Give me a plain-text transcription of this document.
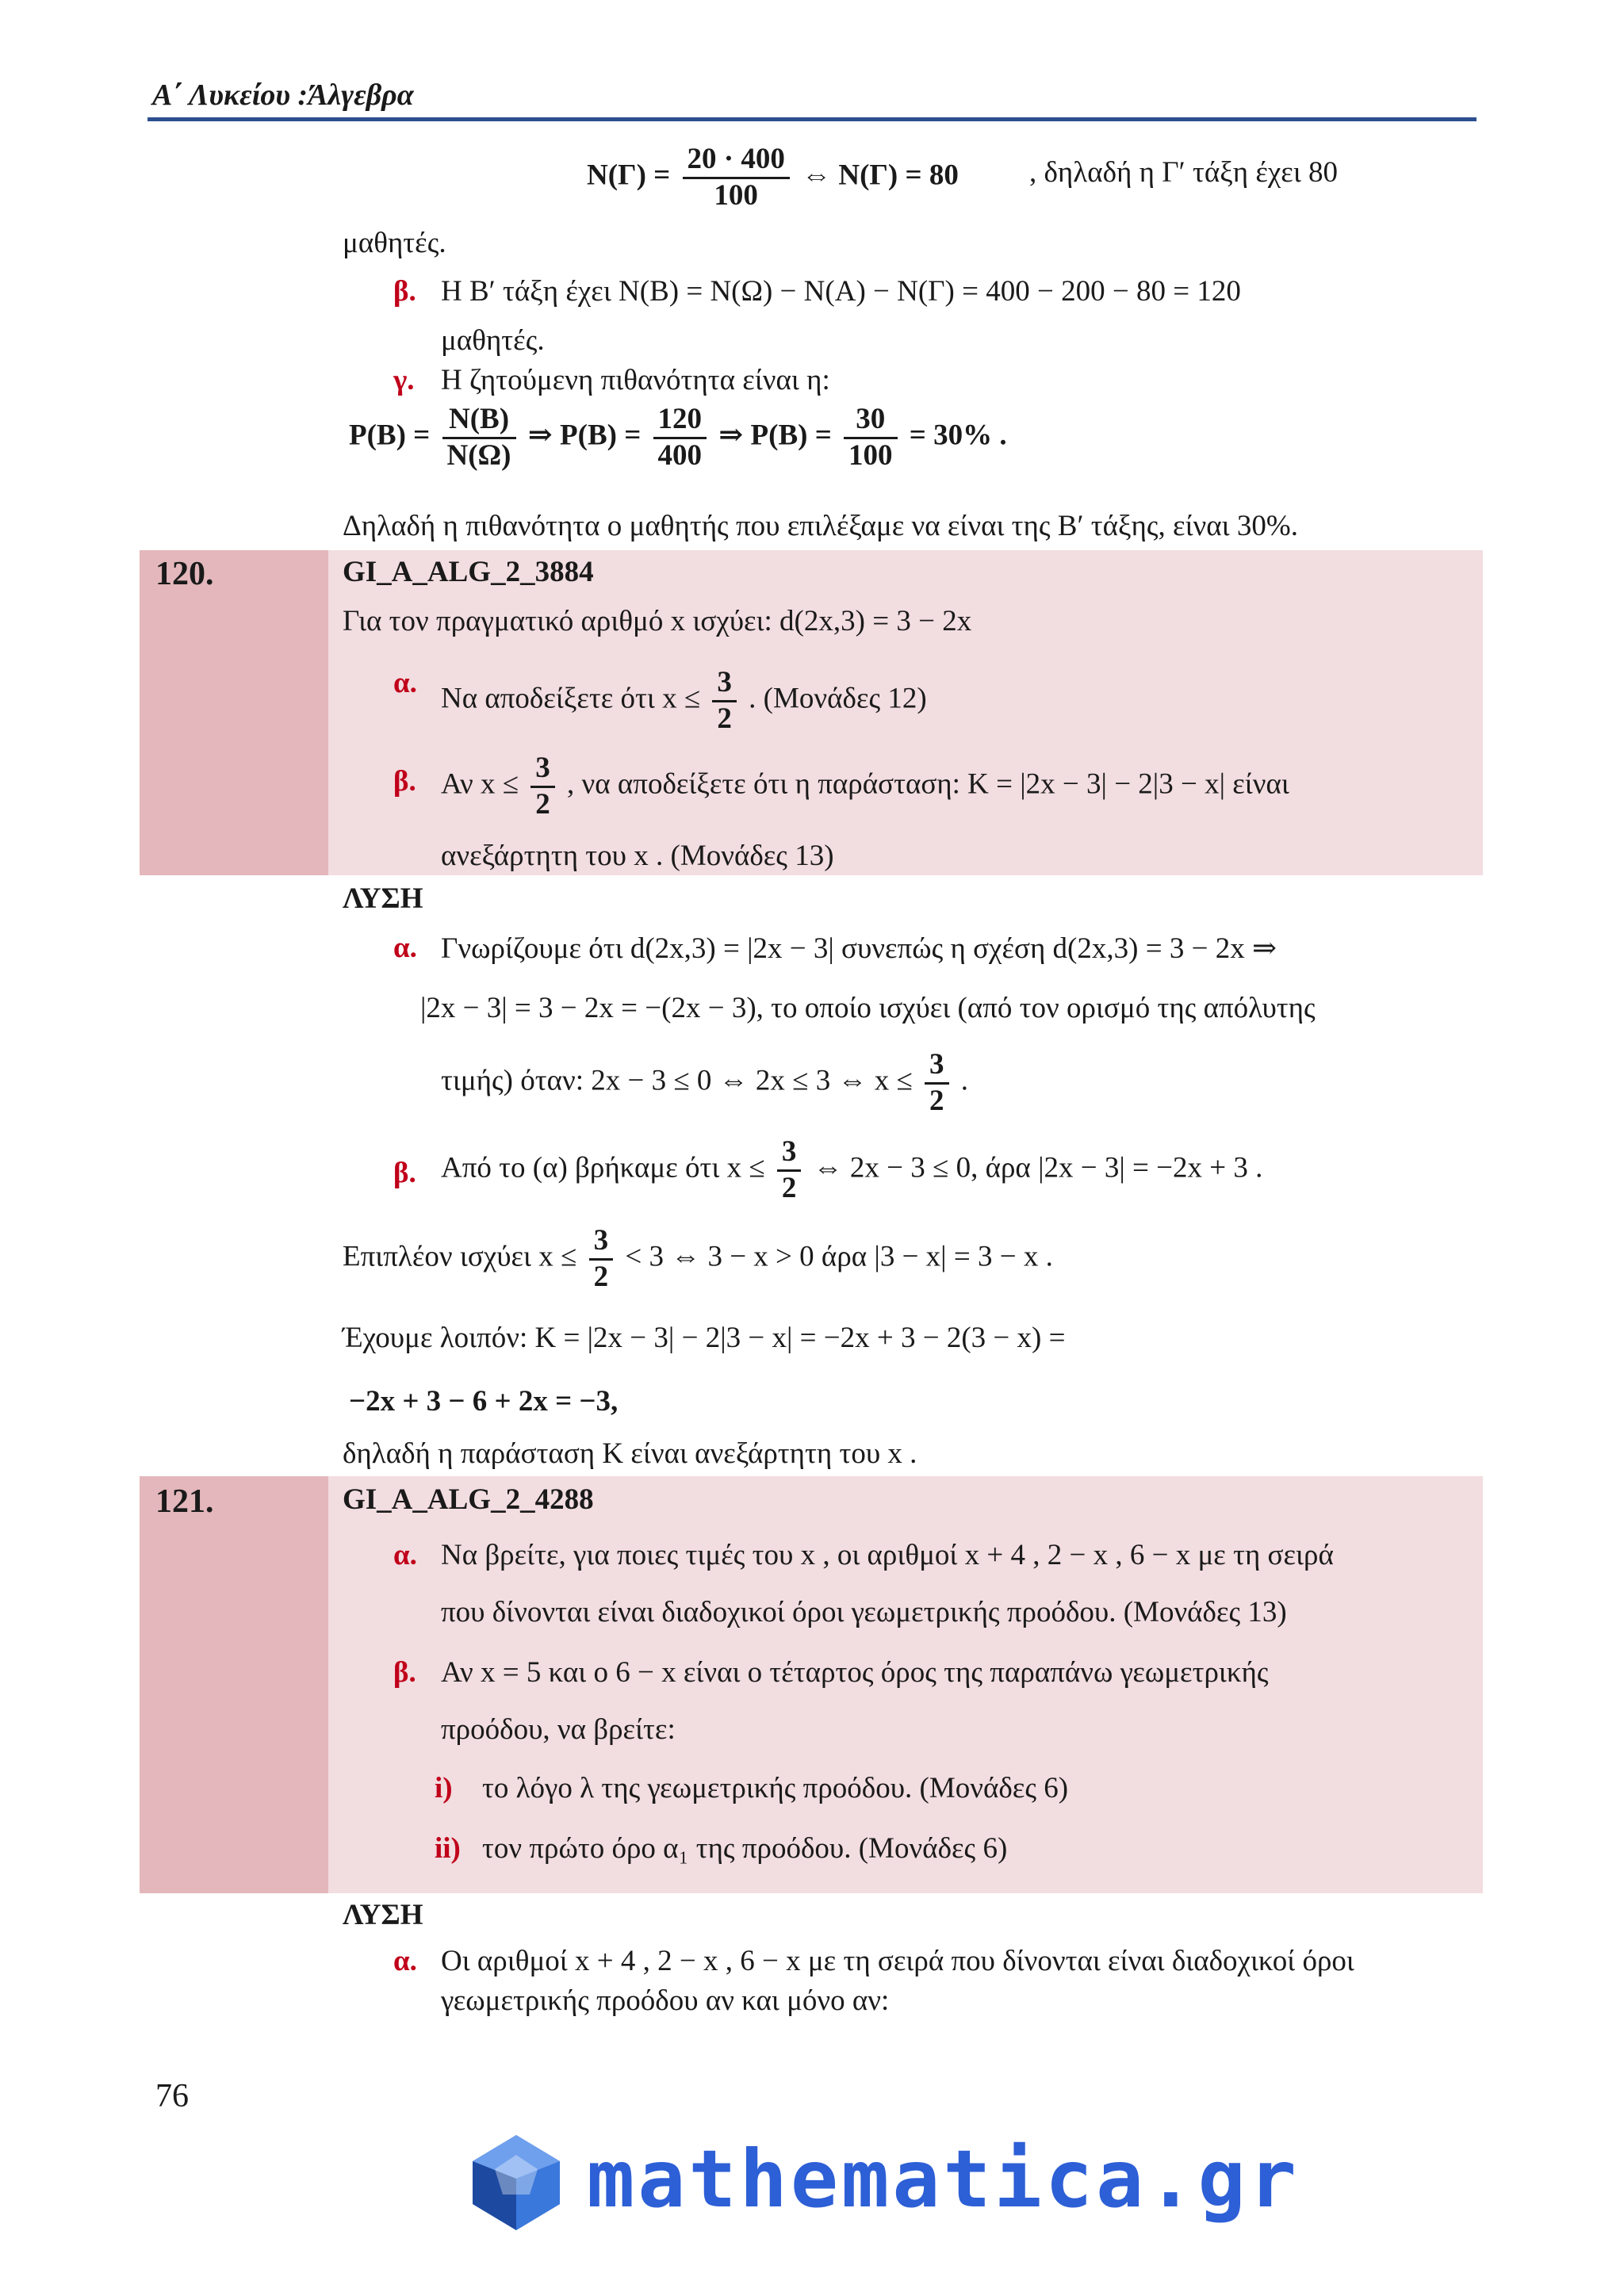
Α΄ Λυκείου :Άλγεβρα
$N(\Gamma) = \frac{20 \cdot 400}{100}$ ⇔ N(Γ) = 80 , δηλαδή η Γ′ τάξη έχει 80
μαθητές.
β. Η Β′ τάξη έχει N(B) = N(Ω) − N(A) − N(Γ) = 400 − 200 − 80 = 120
μαθητές.
γ. Η ζητούμενη πιθανότητα είναι η:
$P(B) = \frac{N(B)}{N(\Omega)}$ ⇒ $P(B) = \frac{120}{400}$ ⇒ $P(B) = \frac{30}{100} = 30\%$ .
Δηλαδή η πιθανότητα ο μαθητής που επιλέξαμε να είναι της Β′ τάξης, είναι 30%.
120.	GI_A_ALG_2_3884
Για τον πραγματικό αριθμό x ισχύει: d(2x,3) = 3 − 2x
α. Να αποδείξετε ότι $x \le \frac{3}{2}$ . (Μονάδες 12)
β. Αν $x \le \frac{3}{2}$ , να αποδείξετε ότι η παράσταση: K = |2x − 3| − 2|3 − x| είναι
ανεξάρτητη του x . (Μονάδες 13)
ΛΥΣΗ
α. Γνωρίζουμε ότι d(2x,3) = |2x − 3| συνεπώς η σχέση d(2x,3) = 3 − 2x ⇒
|2x − 3| = 3 − 2x = −(2x − 3), το οποίο ισχύει (από τον ορισμό της απόλυτης
τιμής) όταν: 2x − 3 ≤ 0 ⇔ 2x ≤ 3 ⇔ $x \le \frac{3}{2}$ .
β. Από το (α) βρήκαμε ότι $x \le \frac{3}{2}$ ⇔ 2x − 3 ≤ 0, άρα |2x − 3| = −2x + 3 .
Επιπλέον ισχύει $x \le \frac{3}{2} < 3$ ⇔ 3 − x > 0 άρα |3 − x| = 3 − x .
Έχουμε λοιπόν: K = |2x − 3| − 2|3 − x| = −2x + 3 − 2(3 − x) =
−2x + 3 − 6 + 2x = −3,
δηλαδή η παράσταση K είναι ανεξάρτητη του x .
121.	GI_A_ALG_2_4288
α. Να βρείτε, για ποιες τιμές του x , οι αριθμοί x + 4 , 2 − x , 6 − x με τη σειρά
που δίνονται είναι διαδοχικοί όροι γεωμετρικής προόδου. (Μονάδες 13)
β. Αν x = 5 και ο 6 − x είναι ο τέταρτος όρος της παραπάνω γεωμετρικής
προόδου, να βρείτε:
i) το λόγο λ της γεωμετρικής προόδου. (Μονάδες 6)
ii) τον πρώτο όρο α₁ της προόδου. (Μονάδες 6)
ΛΥΣΗ
α. Οι αριθμοί x + 4 , 2 − x , 6 − x με τη σειρά που δίνονται είναι διαδοχικοί όροι
γεωμετρικής προόδου αν και μόνο αν:
76
mathematica.gr
